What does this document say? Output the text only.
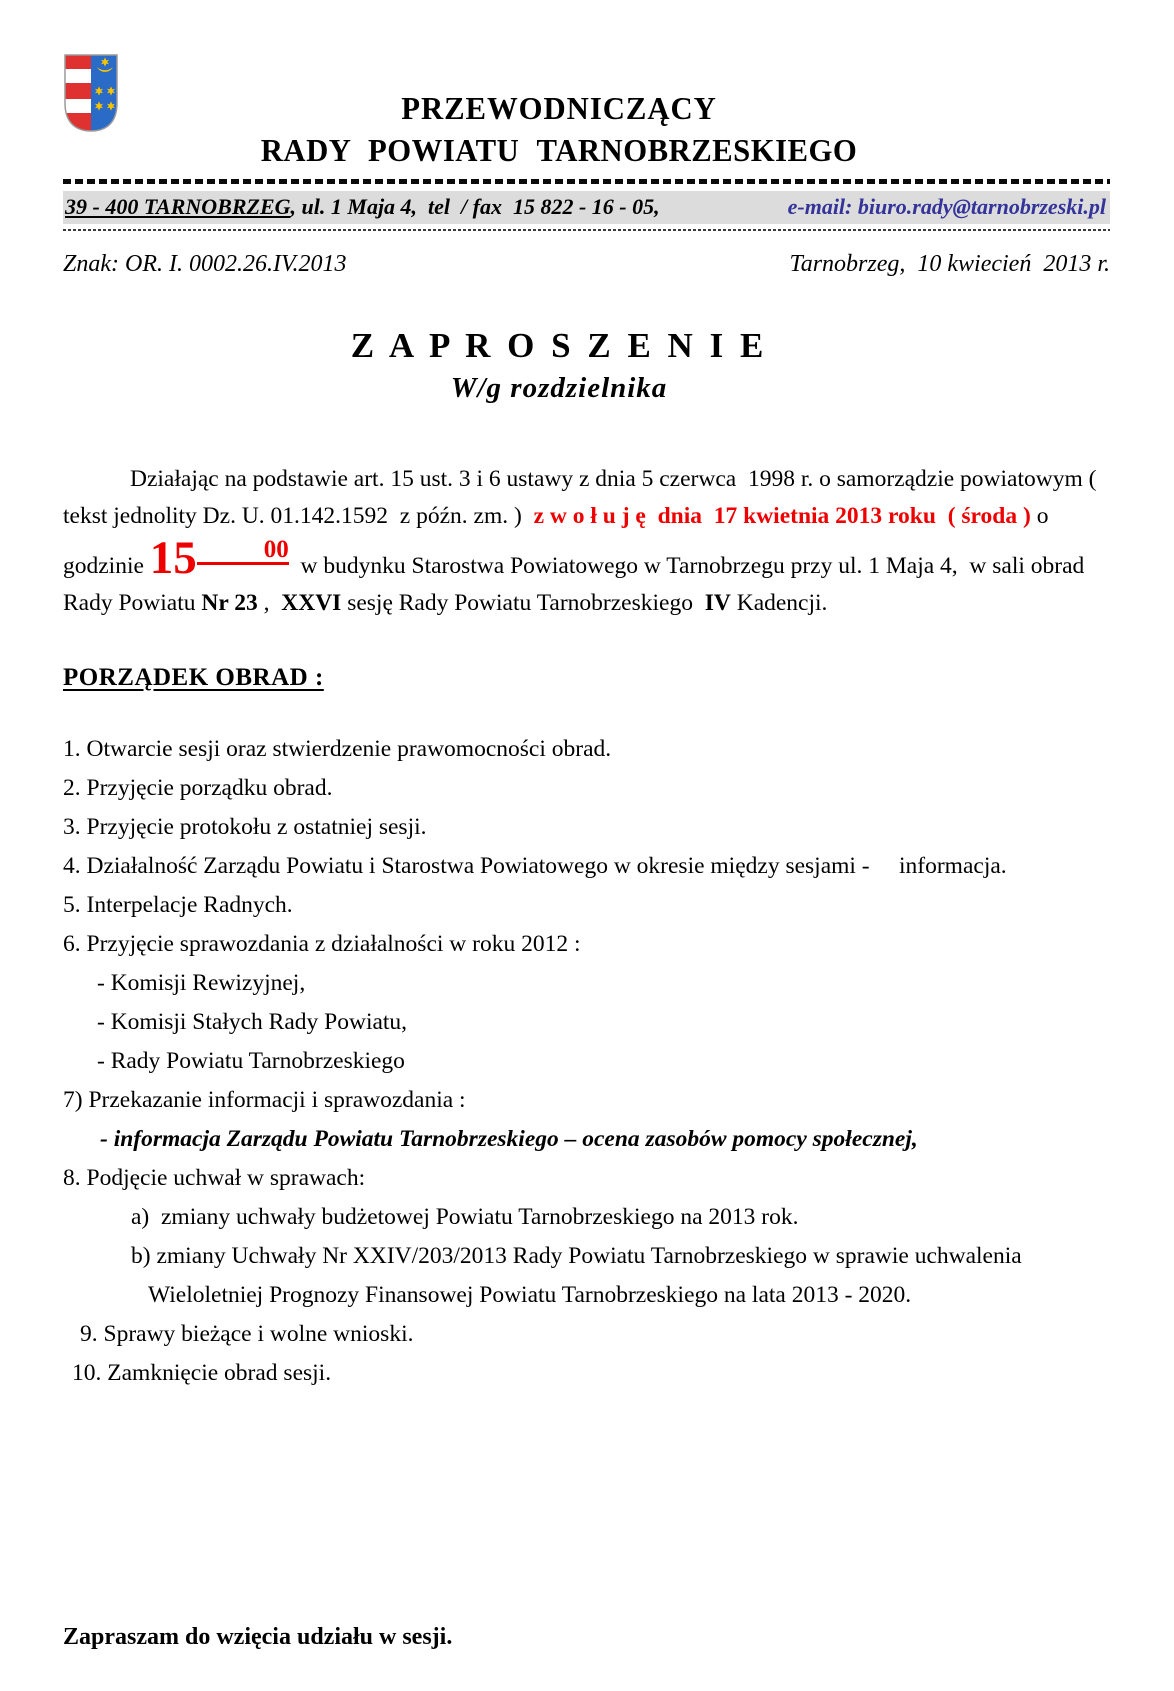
PRZEWODNICZĄCY
RADY POWIATU TARNOBRZESKIEGO
39 - 400 TARNOBRZEG, ul. 1 Maja 4,  tel  / fax  15 822 - 16 - 05,	e-mail: biuro.rady@tarnobrzeski.pl
Znak: OR. I. 0002.26.IV.2013	Tarnobrzeg,  10 kwiecień  2013 r.
Z A P R O S Z E N I E
W/g rozdzielnika

Działając na podstawie art. 15 ust. 3 i 6 ustawy z dnia 5 czerwca  1998 r. o samorządzie powiatowym ( tekst jednolity Dz. U. 01.142.1592  z późn. zm. )  z w o ł u j ę  dnia  17 kwietnia 2013 roku  ( środa ) o godzinie 15	00  w budynku Starostwa Powiatowego w Tarnobrzegu przy ul. 1 Maja 4,  w sali obrad Rady Powiatu Nr 23 ,  XXVI sesję Rady Powiatu Tarnobrzeskiego  IV Kadencji.

PORZĄDEK OBRAD :
1. Otwarcie sesji oraz stwierdzenie prawomocności obrad.
2. Przyjęcie porządku obrad.
3. Przyjęcie protokołu z ostatniej sesji.
4. Działalność Zarządu Powiatu i Starostwa Powiatowego w okresie między sesjami -     informacja.
5. Interpelacje Radnych.
6. Przyjęcie sprawozdania z działalności w roku 2012 :
- Komisji Rewizyjnej,
- Komisji Stałych Rady Powiatu,
- Rady Powiatu Tarnobrzeskiego
7) Przekazanie informacji i sprawozdania :
- informacja Zarządu Powiatu Tarnobrzeskiego – ocena zasobów pomocy społecznej,
8. Podjęcie uchwał w sprawach:
a)  zmiany uchwały budżetowej Powiatu Tarnobrzeskiego na 2013 rok.
b) zmiany Uchwały Nr XXIV/203/2013 Rady Powiatu Tarnobrzeskiego w sprawie uchwalenia
Wieloletniej Prognozy Finansowej Powiatu Tarnobrzeskiego na lata 2013 - 2020.
9. Sprawy bieżące i wolne wnioski.
10. Zamknięcie obrad sesji.
Zapraszam do wzięcia udziału w sesji.
